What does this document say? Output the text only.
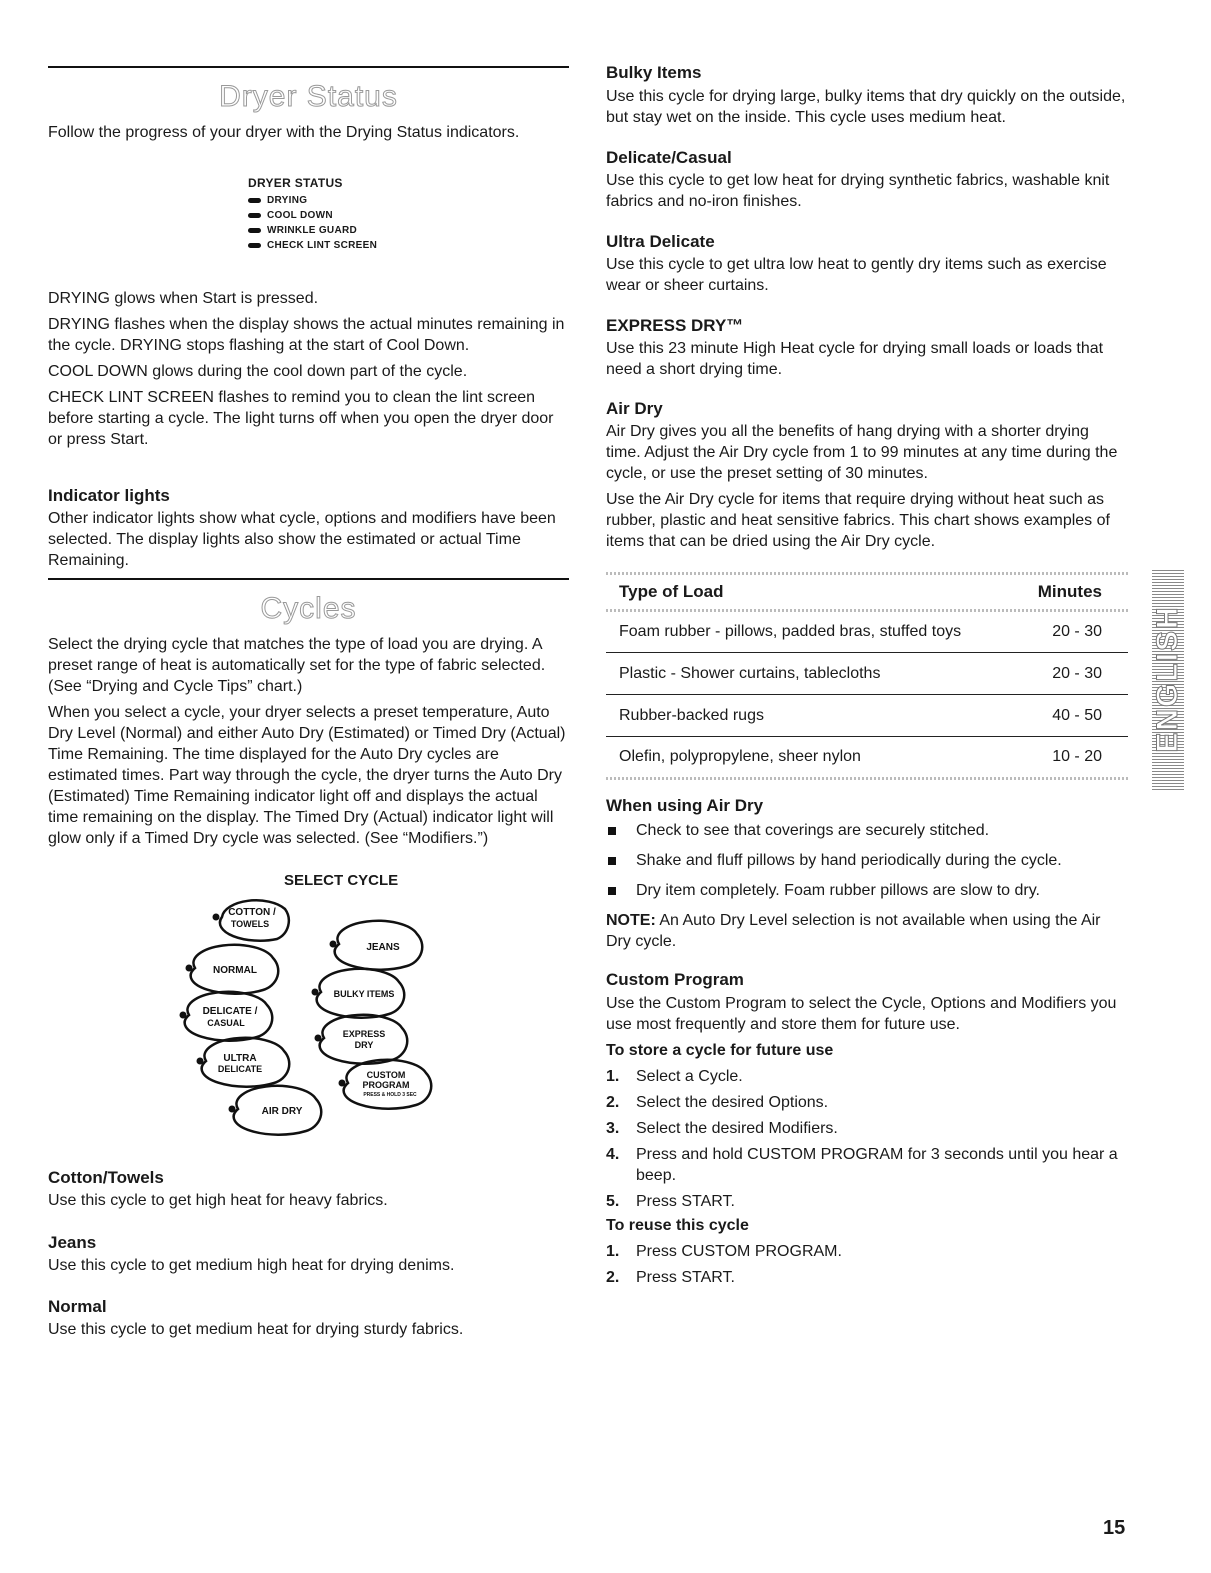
Dryer Status

Follow the progress of your dryer with the Drying Status indicators.

DRYER STATUS
DRYING
COOL DOWN
WRINKLE GUARD
CHECK LINT SCREEN

DRYING glows when Start is pressed.

DRYING flashes when the display shows the actual minutes remaining in the cycle. DRYING stops flashing at the start of Cool Down.

COOL DOWN glows during the cool down part of the cycle.

CHECK LINT SCREEN flashes to remind you to clean the lint screen before starting a cycle. The light turns off when you open the dryer door or press Start.

Indicator lights

Other indicator lights show what cycle, options and modifiers have been selected. The display lights also show the estimated or actual Time Remaining.

Cycles

Select the drying cycle that matches the type of load you are drying. A preset range of heat is automatically set for the type of fabric selected. (See “Drying and Cycle Tips” chart.)

When you select a cycle, your dryer selects a preset temperature, Auto Dry Level (Normal) and either Auto Dry (Estimated) or Timed Dry (Actual) Time Remaining. The time displayed for the Auto Dry cycles are estimated times. Part way through the cycle, the dryer turns the Auto Dry (Estimated) Time Remaining indicator light off and displays the actual time remaining on the display. The Timed Dry (Actual) indicator light will glow only if a Timed Dry cycle was selected. (See “Modifiers.”)

SELECT CYCLE
COTTON /
TOWELS
JEANS
NORMAL
BULKY ITEMS
DELICATE /
CASUAL
EXPRESS
DRY
ULTRA
DELICATE
CUSTOM
PROGRAM
PRESS & HOLD 3 SEC
AIR DRY
Cotton/Towels

Use this cycle to get high heat for heavy fabrics.

Jeans

Use this cycle to get medium high heat for drying denims.

Normal

Use this cycle to get medium heat for drying sturdy fabrics.

Bulky Items

Use this cycle for drying large, bulky items that dry quickly on the outside, but stay wet on the inside. This cycle uses medium heat.

Delicate/Casual

Use this cycle to get low heat for drying synthetic fabrics, washable knit fabrics and no-iron finishes.

Ultra Delicate

Use this cycle to get ultra low heat to gently dry items such as exercise wear or sheer curtains.

EXPRESS DRY™

Use this 23 minute High Heat cycle for drying small loads or loads that need a short drying time.

Air Dry

Air Dry gives you all the benefits of hang drying with a shorter drying time. Adjust the Air Dry cycle from 1 to 99 minutes at any time during the cycle, or use the preset setting of 30 minutes.

Use the Air Dry cycle for items that require drying without heat such as rubber, plastic and heat sensitive fabrics. This chart shows examples of items that can be dried using the Air Dry cycle.

Type of Load	Minutes
Foam rubber - pillows, padded bras, stuffed toys	20 - 30
Plastic - Shower curtains, tablecloths	20 - 30
Rubber-backed rugs	40 - 50
Olefin, polypropylene, sheer nylon	10 - 20
When using Air Dry
Check to see that coverings are securely stitched.
Shake and fluff pillows by hand periodically during the cycle.
Dry item completely. Foam rubber pillows are slow to dry.

NOTE: An Auto Dry Level selection is not available when using the Air Dry cycle.

Custom Program

Use the Custom Program to select the Cycle, Options and Modifiers you use most frequently and store them for future use.

To store a cycle for future use
1. Select a Cycle.
2. Select the desired Options.
3. Select the desired Modifiers.
4. Press and hold CUSTOM PROGRAM for 3 seconds until you hear a beep.
5. Press START.
To reuse this cycle
1. Press CUSTOM PROGRAM.
2. Press START.
ENGLISH
15
